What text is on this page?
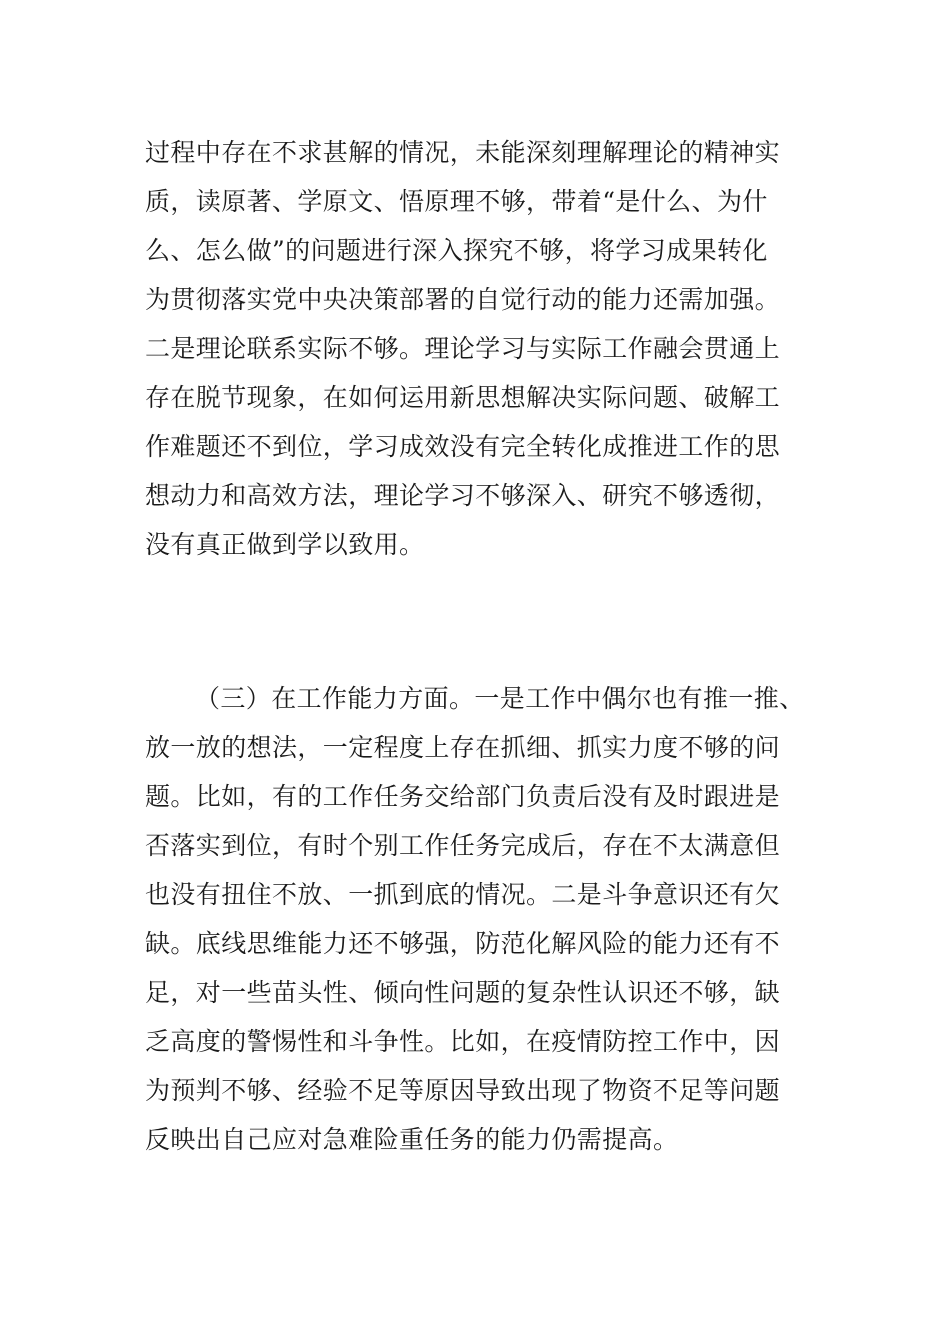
过程中存在不求甚解的情况，未能深刻理解理论的精神实
质，读原著、学原文、悟原理不够，带着“是什么、为什
么、怎么做”的问题进行深入探究不够，将学习成果转化
为贯彻落实党中央决策部署的自觉行动的能力还需加强。
二是理论联系实际不够。理论学习与实际工作融会贯通上
存在脱节现象，在如何运用新思想解决实际问题、破解工
作难题还不到位，学习成效没有完全转化成推进工作的思
想动力和高效方法，理论学习不够深入、研究不够透彻，
没有真正做到学以致用。
（三）在工作能力方面。一是工作中偶尔也有推一推、
放一放的想法，一定程度上存在抓细、抓实力度不够的问
题。比如，有的工作任务交给部门负责后没有及时跟进是
否落实到位，有时个别工作任务完成后，存在不太满意但
也没有扭住不放、一抓到底的情况。二是斗争意识还有欠
缺。底线思维能力还不够强，防范化解风险的能力还有不
足，对一些苗头性、倾向性问题的复杂性认识还不够，缺
乏高度的警惕性和斗争性。比如，在疫情防控工作中，因
为预判不够、经验不足等原因导致出现了物资不足等问题
反映出自己应对急难险重任务的能力仍需提高。
